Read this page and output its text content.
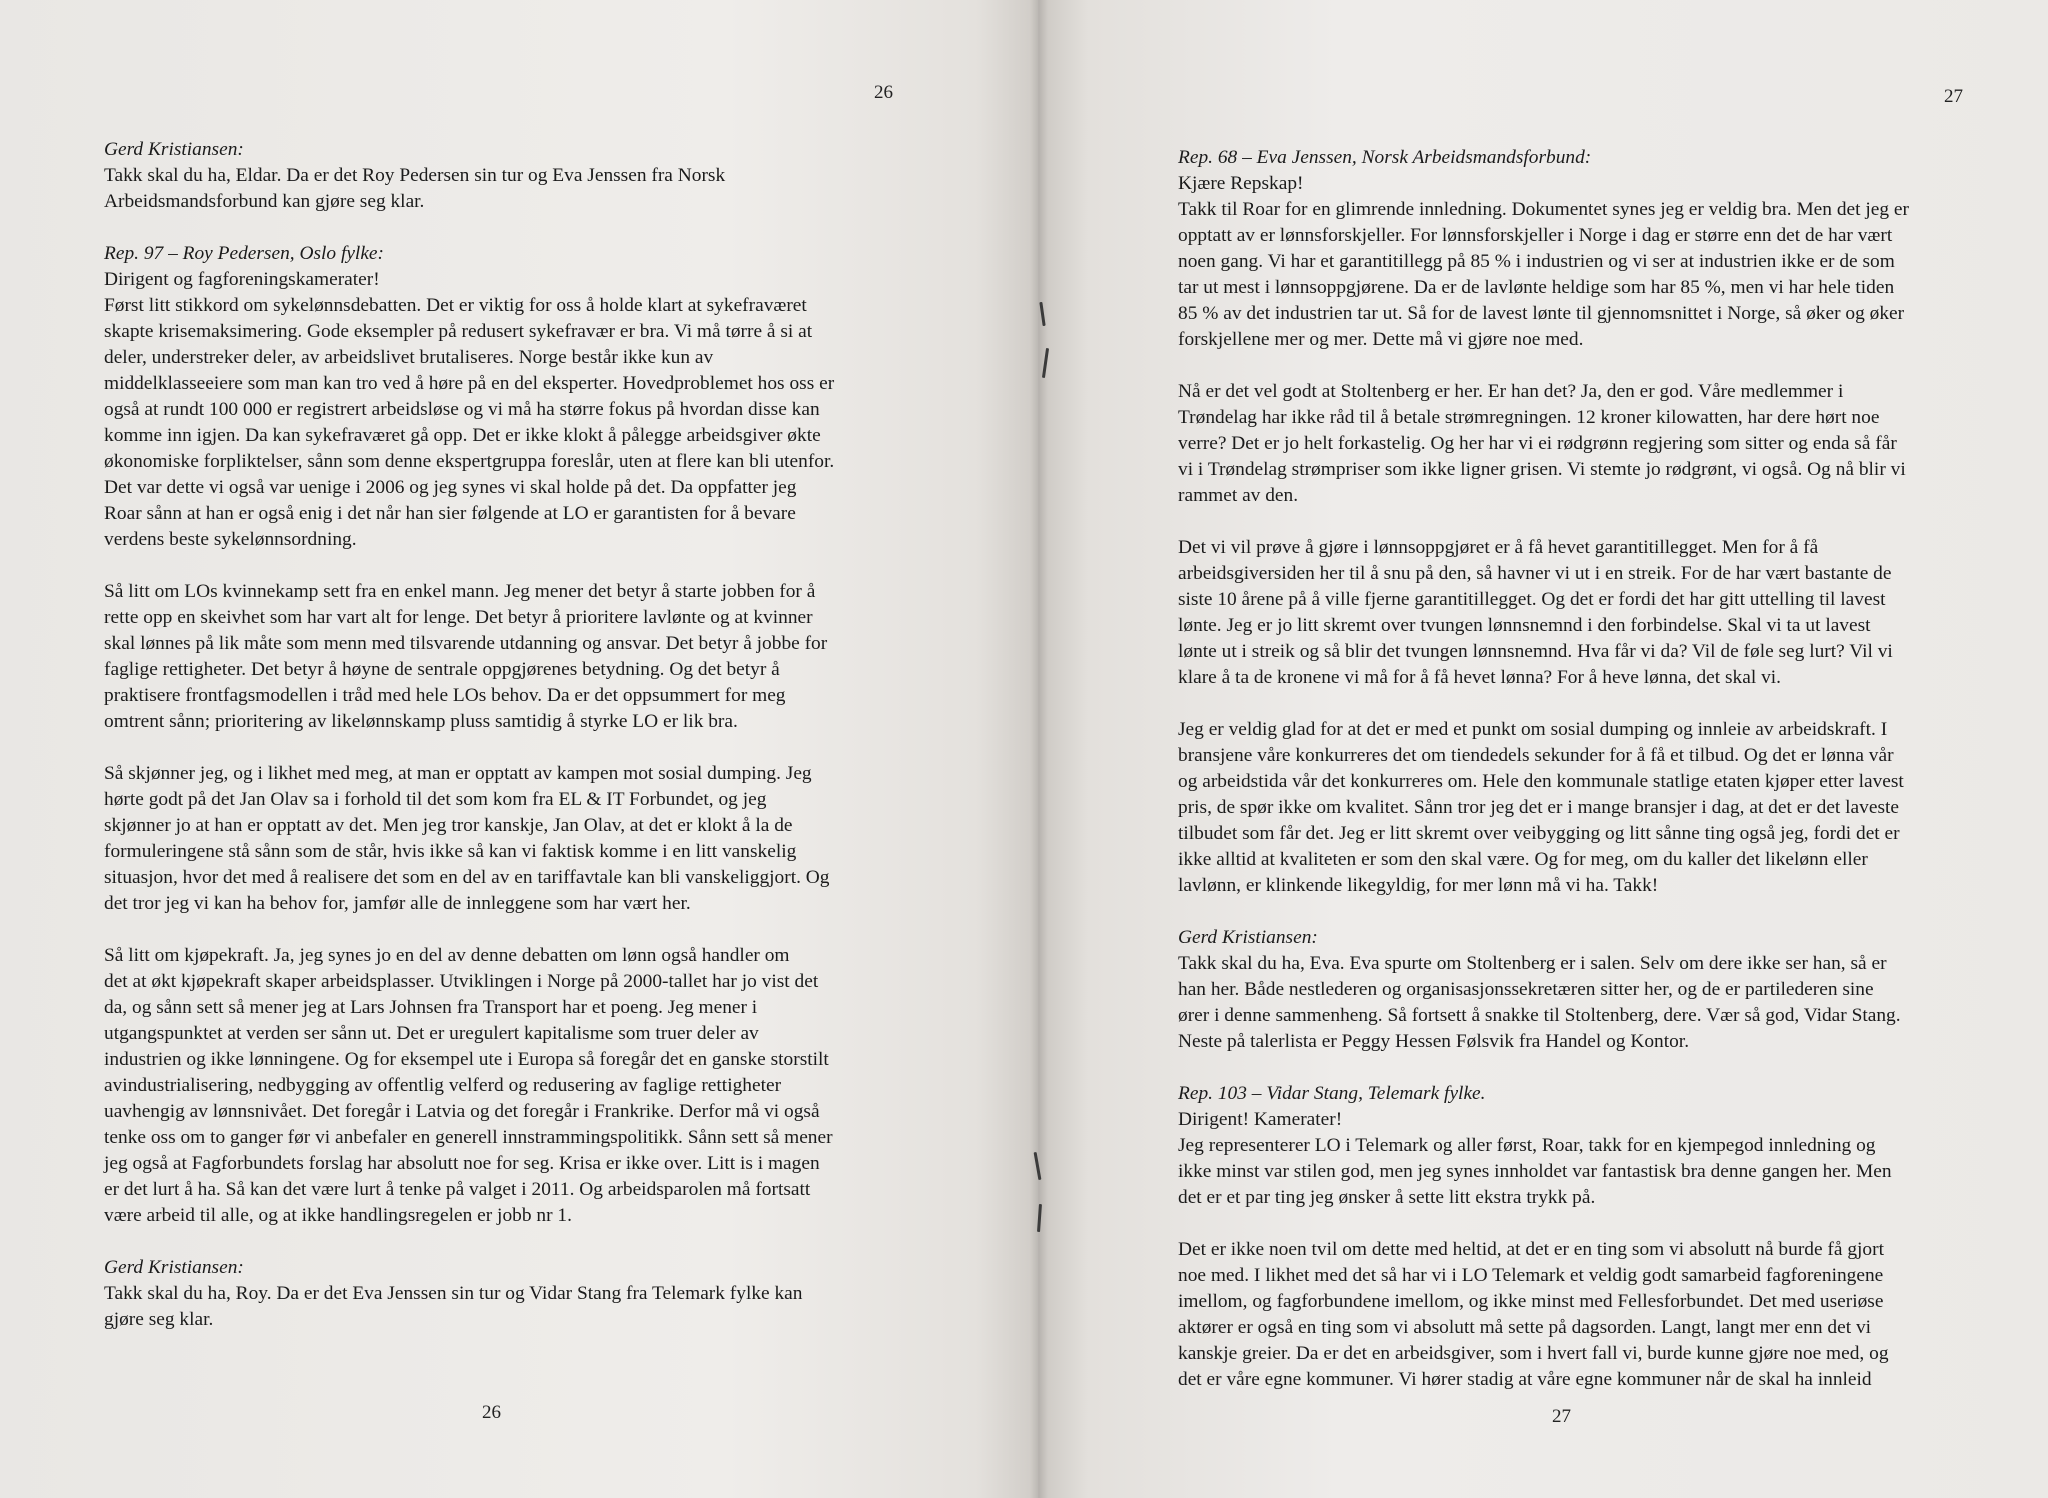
26
Gerd Kristiansen:
Takk skal du ha, Eldar. Da er det Roy Pedersen sin tur og Eva Jenssen fra Norsk
Arbeidsmandsforbund kan gjøre seg klar.
Rep. 97 – Roy Pedersen, Oslo fylke:
Dirigent og fagforeningskamerater!
Først litt stikkord om sykelønnsdebatten. Det er viktig for oss å holde klart at sykefraværet
skapte krisemaksimering. Gode eksempler på redusert sykefravær er bra. Vi må tørre å si at
deler, understreker deler, av arbeidslivet brutaliseres. Norge består ikke kun av
middelklasseeiere som man kan tro ved å høre på en del eksperter. Hovedproblemet hos oss er
også at rundt 100 000 er registrert arbeidsløse og vi må ha større fokus på hvordan disse kan
komme inn igjen. Da kan sykefraværet gå opp. Det er ikke klokt å pålegge arbeidsgiver økte
økonomiske forpliktelser, sånn som denne ekspertgruppa foreslår, uten at flere kan bli utenfor.
Det var dette vi også var uenige i 2006 og jeg synes vi skal holde på det. Da oppfatter jeg
Roar sånn at han er også enig i det når han sier følgende at LO er garantisten for å bevare
verdens beste sykelønnsordning.
Så litt om LOs kvinnekamp sett fra en enkel mann. Jeg mener det betyr å starte jobben for å
rette opp en skeivhet som har vart alt for lenge. Det betyr å prioritere lavlønte og at kvinner
skal lønnes på lik måte som menn med tilsvarende utdanning og ansvar. Det betyr å jobbe for
faglige rettigheter. Det betyr å høyne de sentrale oppgjørenes betydning. Og det betyr å
praktisere frontfagsmodellen i tråd med hele LOs behov. Da er det oppsummert for meg
omtrent sånn; prioritering av likelønnskamp pluss samtidig å styrke LO er lik bra.
Så skjønner jeg, og i likhet med meg, at man er opptatt av kampen mot sosial dumping. Jeg
hørte godt på det Jan Olav sa i forhold til det som kom fra EL & IT Forbundet, og jeg
skjønner jo at han er opptatt av det. Men jeg tror kanskje, Jan Olav, at det er klokt å la de
formuleringene stå sånn som de står, hvis ikke så kan vi faktisk komme i en litt vanskelig
situasjon, hvor det med å realisere det som en del av en tariffavtale kan bli vanskeliggjort. Og
det tror jeg vi kan ha behov for, jamfør alle de innleggene som har vært her.
Så litt om kjøpekraft. Ja, jeg synes jo en del av denne debatten om lønn også handler om
det at økt kjøpekraft skaper arbeidsplasser. Utviklingen i Norge på 2000-tallet har jo vist det
da, og sånn sett så mener jeg at Lars Johnsen fra Transport har et poeng. Jeg mener i
utgangspunktet at verden ser sånn ut. Det er uregulert kapitalisme som truer deler av
industrien og ikke lønningene. Og for eksempel ute i Europa så foregår det en ganske storstilt
avindustrialisering, nedbygging av offentlig velferd og redusering av faglige rettigheter
uavhengig av lønnsnivået. Det foregår i Latvia og det foregår i Frankrike. Derfor må vi også
tenke oss om to ganger før vi anbefaler en generell innstrammingspolitikk. Sånn sett så mener
jeg også at Fagforbundets forslag har absolutt noe for seg. Krisa er ikke over. Litt is i magen
er det lurt å ha. Så kan det være lurt å tenke på valget i 2011. Og arbeidsparolen må fortsatt
være arbeid til alle, og at ikke handlingsregelen er jobb nr 1.
Gerd Kristiansen:
Takk skal du ha, Roy. Da er det Eva Jenssen sin tur og Vidar Stang fra Telemark fylke kan
gjøre seg klar.
26
27
Rep. 68 – Eva Jenssen, Norsk Arbeidsmandsforbund:
Kjære Repskap!
Takk til Roar for en glimrende innledning. Dokumentet synes jeg er veldig bra. Men det jeg er
opptatt av er lønnsforskjeller. For lønnsforskjeller i Norge i dag er større enn det de har vært
noen gang. Vi har et garantitillegg på 85 % i industrien og vi ser at industrien ikke er de som
tar ut mest i lønnsoppgjørene. Da er de lavlønte heldige som har 85 %, men vi har hele tiden
85 % av det industrien tar ut. Så for de lavest lønte til gjennomsnittet i Norge, så øker og øker
forskjellene mer og mer. Dette må vi gjøre noe med.
Nå er det vel godt at Stoltenberg er her. Er han det? Ja, den er god. Våre medlemmer i
Trøndelag har ikke råd til å betale strømregningen. 12 kroner kilowatten, har dere hørt noe
verre? Det er jo helt forkastelig. Og her har vi ei rødgrønn regjering som sitter og enda så får
vi i Trøndelag strømpriser som ikke ligner grisen. Vi stemte jo rødgrønt, vi også. Og nå blir vi
rammet av den.
Det vi vil prøve å gjøre i lønnsoppgjøret er å få hevet garantitillegget. Men for å få
arbeidsgiversiden her til å snu på den, så havner vi ut i en streik. For de har vært bastante de
siste 10 årene på å ville fjerne garantitillegget. Og det er fordi det har gitt uttelling til lavest
lønte. Jeg er jo litt skremt over tvungen lønnsnemnd i den forbindelse. Skal vi ta ut lavest
lønte ut i streik og så blir det tvungen lønnsnemnd. Hva får vi da? Vil de føle seg lurt? Vil vi
klare å ta de kronene vi må for å få hevet lønna? For å heve lønna, det skal vi.
Jeg er veldig glad for at det er med et punkt om sosial dumping og innleie av arbeidskraft. I
bransjene våre konkurreres det om tiendedels sekunder for å få et tilbud. Og det er lønna vår
og arbeidstida vår det konkurreres om. Hele den kommunale statlige etaten kjøper etter lavest
pris, de spør ikke om kvalitet. Sånn tror jeg det er i mange bransjer i dag, at det er det laveste
tilbudet som får det. Jeg er litt skremt over veibygging og litt sånne ting også jeg, fordi det er
ikke alltid at kvaliteten er som den skal være. Og for meg, om du kaller det likelønn eller
lavlønn, er klinkende likegyldig, for mer lønn må vi ha. Takk!
Gerd Kristiansen:
Takk skal du ha, Eva. Eva spurte om Stoltenberg er i salen. Selv om dere ikke ser han, så er
han her. Både nestlederen og organisasjonssekretæren sitter her, og de er partilederen sine
ører i denne sammenheng. Så fortsett å snakke til Stoltenberg, dere. Vær så god, Vidar Stang.
Neste på talerlista er Peggy Hessen Følsvik fra Handel og Kontor.
Rep. 103 – Vidar Stang, Telemark fylke.
Dirigent! Kamerater!
Jeg representerer LO i Telemark og aller først, Roar, takk for en kjempegod innledning og
ikke minst var stilen god, men jeg synes innholdet var fantastisk bra denne gangen her. Men
det er et par ting jeg ønsker å sette litt ekstra trykk på.
Det er ikke noen tvil om dette med heltid, at det er en ting som vi absolutt nå burde få gjort
noe med. I likhet med det så har vi i LO Telemark et veldig godt samarbeid fagforeningene
imellom, og fagforbundene imellom, og ikke minst med Fellesforbundet. Det med useriøse
aktører er også en ting som vi absolutt må sette på dagsorden. Langt, langt mer enn det vi
kanskje greier. Da er det en arbeidsgiver, som i hvert fall vi, burde kunne gjøre noe med, og
det er våre egne kommuner. Vi hører stadig at våre egne kommuner når de skal ha innleid
27
